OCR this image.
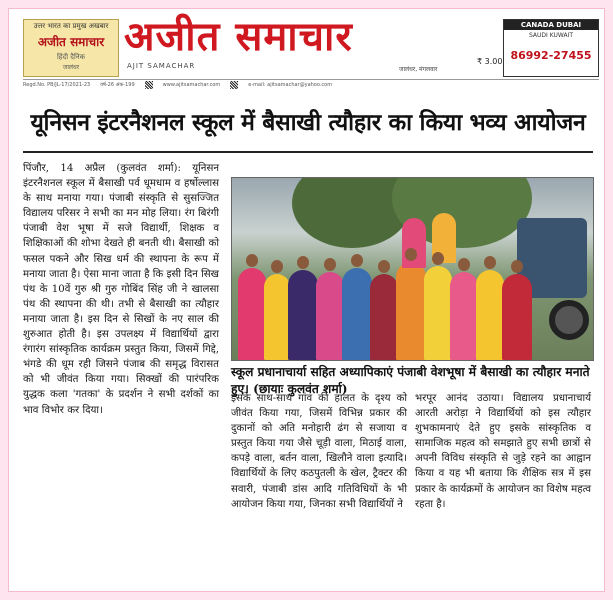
उत्तर भारत का प्रमुख अखबार
अजीत समाचार
हिंदी दैनिक
जालंधर
अजीत समाचार
AJIT SAMACHAR	जालंधर, मंगलवार
₹ 3.00
CANADA DUBAI
SAUDI KUWAIT
86992-27455
Regd.No. PB/JL-17/2021-23 वर्ष-26 अंक-199	www.ajitsamachar.com	e-mail: ajitsamachar@yahoo.com
यूनिसन इंटरनैशनल स्कूल में बैसाखी त्यौहार का किया भव्य आयोजन

पिंजौर, 14 अप्रैल (कुलवंत शर्मा): यूनिसन इंटरनैशनल स्कूल में बैसाखी पर्व धूमधाम व हर्षोल्लास के साथ मनाया गया। पंजाबी संस्कृति से सुसज्जित विद्यालय परिसर ने सभी का मन मोह लिया। रंग बिरंगी पंजाबी वेश भूषा में सजे विद्यार्थी, शिक्षक व शिक्षिकाओं की शोभा देखते ही बनती थी। बैसाखी को फसल पकने और सिख धर्म की स्थापना के रूप में मनाया जाता है। ऐसा माना जाता है कि इसी दिन सिख पंथ के 10वें गुरु श्री गुरु गोबिंद सिंह जी ने खालसा पंथ की स्थापना की थी। तभी से बैसाखी का त्यौहार मनाया जाता है। इस दिन से सिखों के नए साल की शुरुआत होती है। इस उपलक्ष्य में विद्यार्थियों द्वारा रंगारंग सांस्कृतिक कार्यक्रम प्रस्तुत किया, जिसमें गिद्दे, भंगडे की धूम रही जिसने पंजाब की समृद्ध विरासत को भी जीवंत किया गया। सिक्खों की पारंपरिक युद्धक कला 'गतका' के प्रदर्शन ने सभी दर्शकों का भाव विभोर कर दिया।

स्कूल प्रधानाचार्या सहित अध्यापिकाएं पंजाबी वेशभूषा में बैसाखी का त्यौहार मनाते हुए। (छायाः कुलवंत शर्मा)

इसके साथ-साथ गांव की हालत के दृश्य को जीवंत किया गया, जिसमें विभिन्न प्रकार की दुकानों को अति मनोहारी ढंग से सजाया व प्रस्तुत किया गया जैसे चूड़ी वाला, मिठाई वाला, कपड़े वाला, बर्तन वाला, खिलौने वाला इत्यादि। विद्यार्थियों के लिए कठपुतली के खेल, ट्रैक्टर की सवारी, पंजाबी डांस आदि गतिविधियों के भी आयोजन किया गया, जिनका सभी विद्यार्थियों ने

भरपूर आनंद उठाया। विद्यालय प्रधानाचार्य आरती अरोड़ा ने विद्यार्थियों को इस त्यौहार शुभकामनाएं देते हुए इसके सांस्कृतिक व सामाजिक महत्व को समझाते हुए सभी छात्रों से अपनी विविध संस्कृति से जुड़े रहने का आह्वान किया व यह भी बताया कि शैक्षिक सत्र में इस प्रकार के कार्यक्रमों के आयोजन का विशेष महत्व रहता है।
